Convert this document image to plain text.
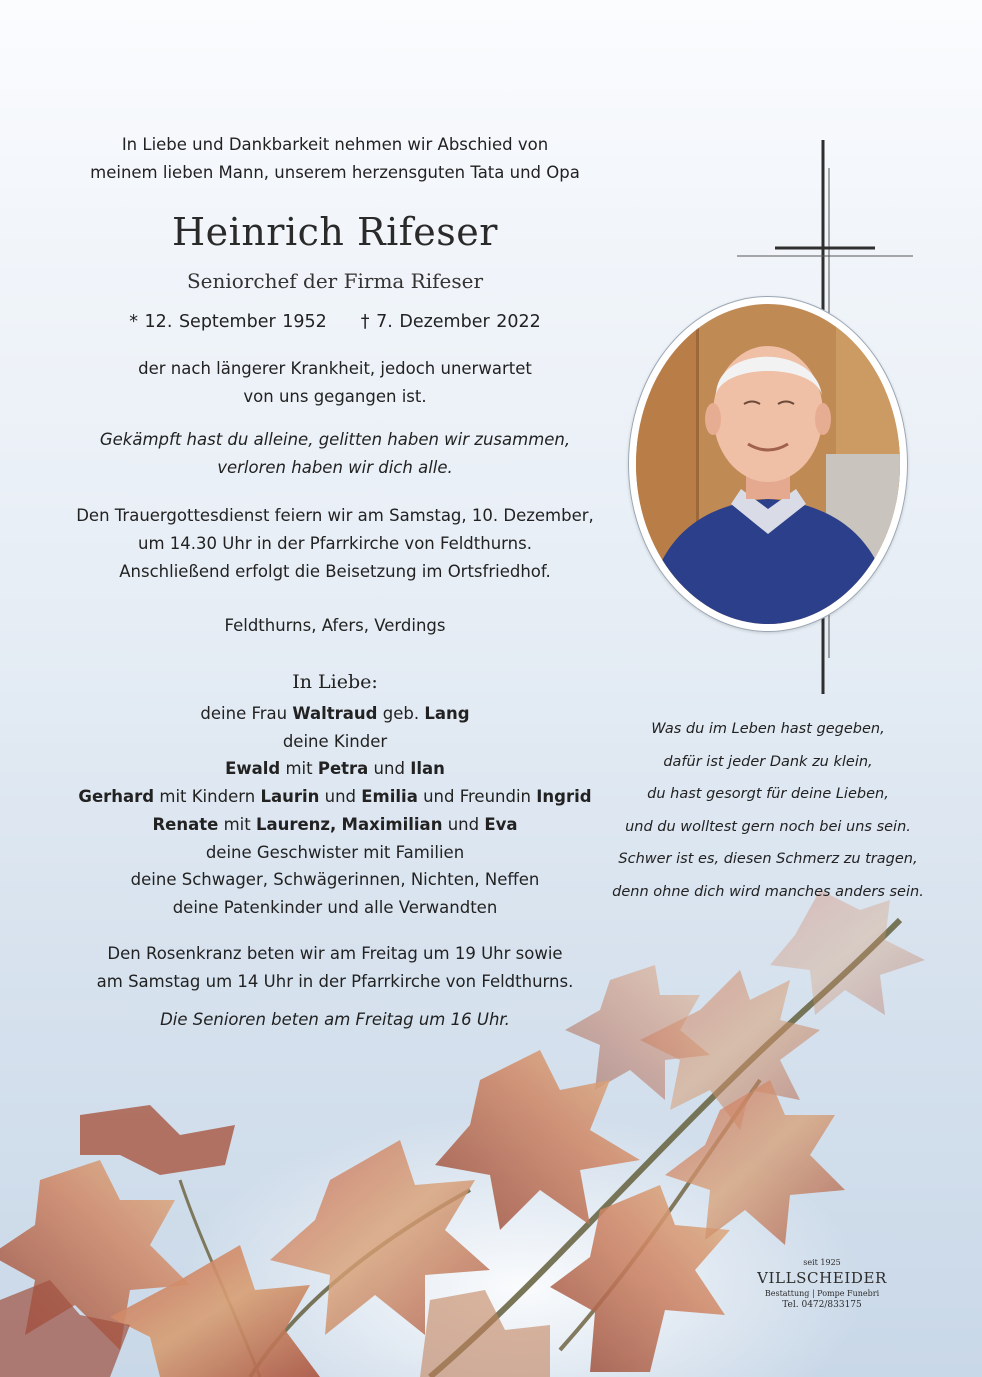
In Liebe und Dankbarkeit nehmen wir Abschied von
meinem lieben Mann, unserem herzensguten Tata und Opa
Heinrich Rifeser
Seniorchef der Firma Rifeser
* 12. September 1952 † 7. Dezember 2022
der nach längerer Krankheit, jedoch unerwartet
von uns gegangen ist.
Gekämpft hast du alleine, gelitten haben wir zusammen,
verloren haben wir dich alle.
Den Trauergottesdienst feiern wir am Samstag, 10. Dezember,
um 14.30 Uhr in der Pfarrkirche von Feldthurns.
Anschließend erfolgt die Beisetzung im Ortsfriedhof.
Feldthurns, Afers, Verdings
In Liebe:
deine Frau Waltraud geb. Lang
deine Kinder
Ewald mit Petra und Ilan
Gerhard mit Kindern Laurin und Emilia und Freundin Ingrid
Renate mit Laurenz, Maximilian und Eva
deine Geschwister mit Familien
deine Schwager, Schwägerinnen, Nichten, Neffen
deine Patenkinder und alle Verwandten
Den Rosenkranz beten wir am Freitag um 19 Uhr sowie
am Samstag um 14 Uhr in der Pfarrkirche von Feldthurns.
Die Senioren beten am Freitag um 16 Uhr.
Was du im Leben hast gegeben,
dafür ist jeder Dank zu klein,
du hast gesorgt für deine Lieben,
und du wolltest gern noch bei uns sein.
Schwer ist es, diesen Schmerz zu tragen,
denn ohne dich wird manches anders sein.
seit 1925
VILLSCHEIDER
Bestattung | Pompe Funebri
Tel. 0472/833175
